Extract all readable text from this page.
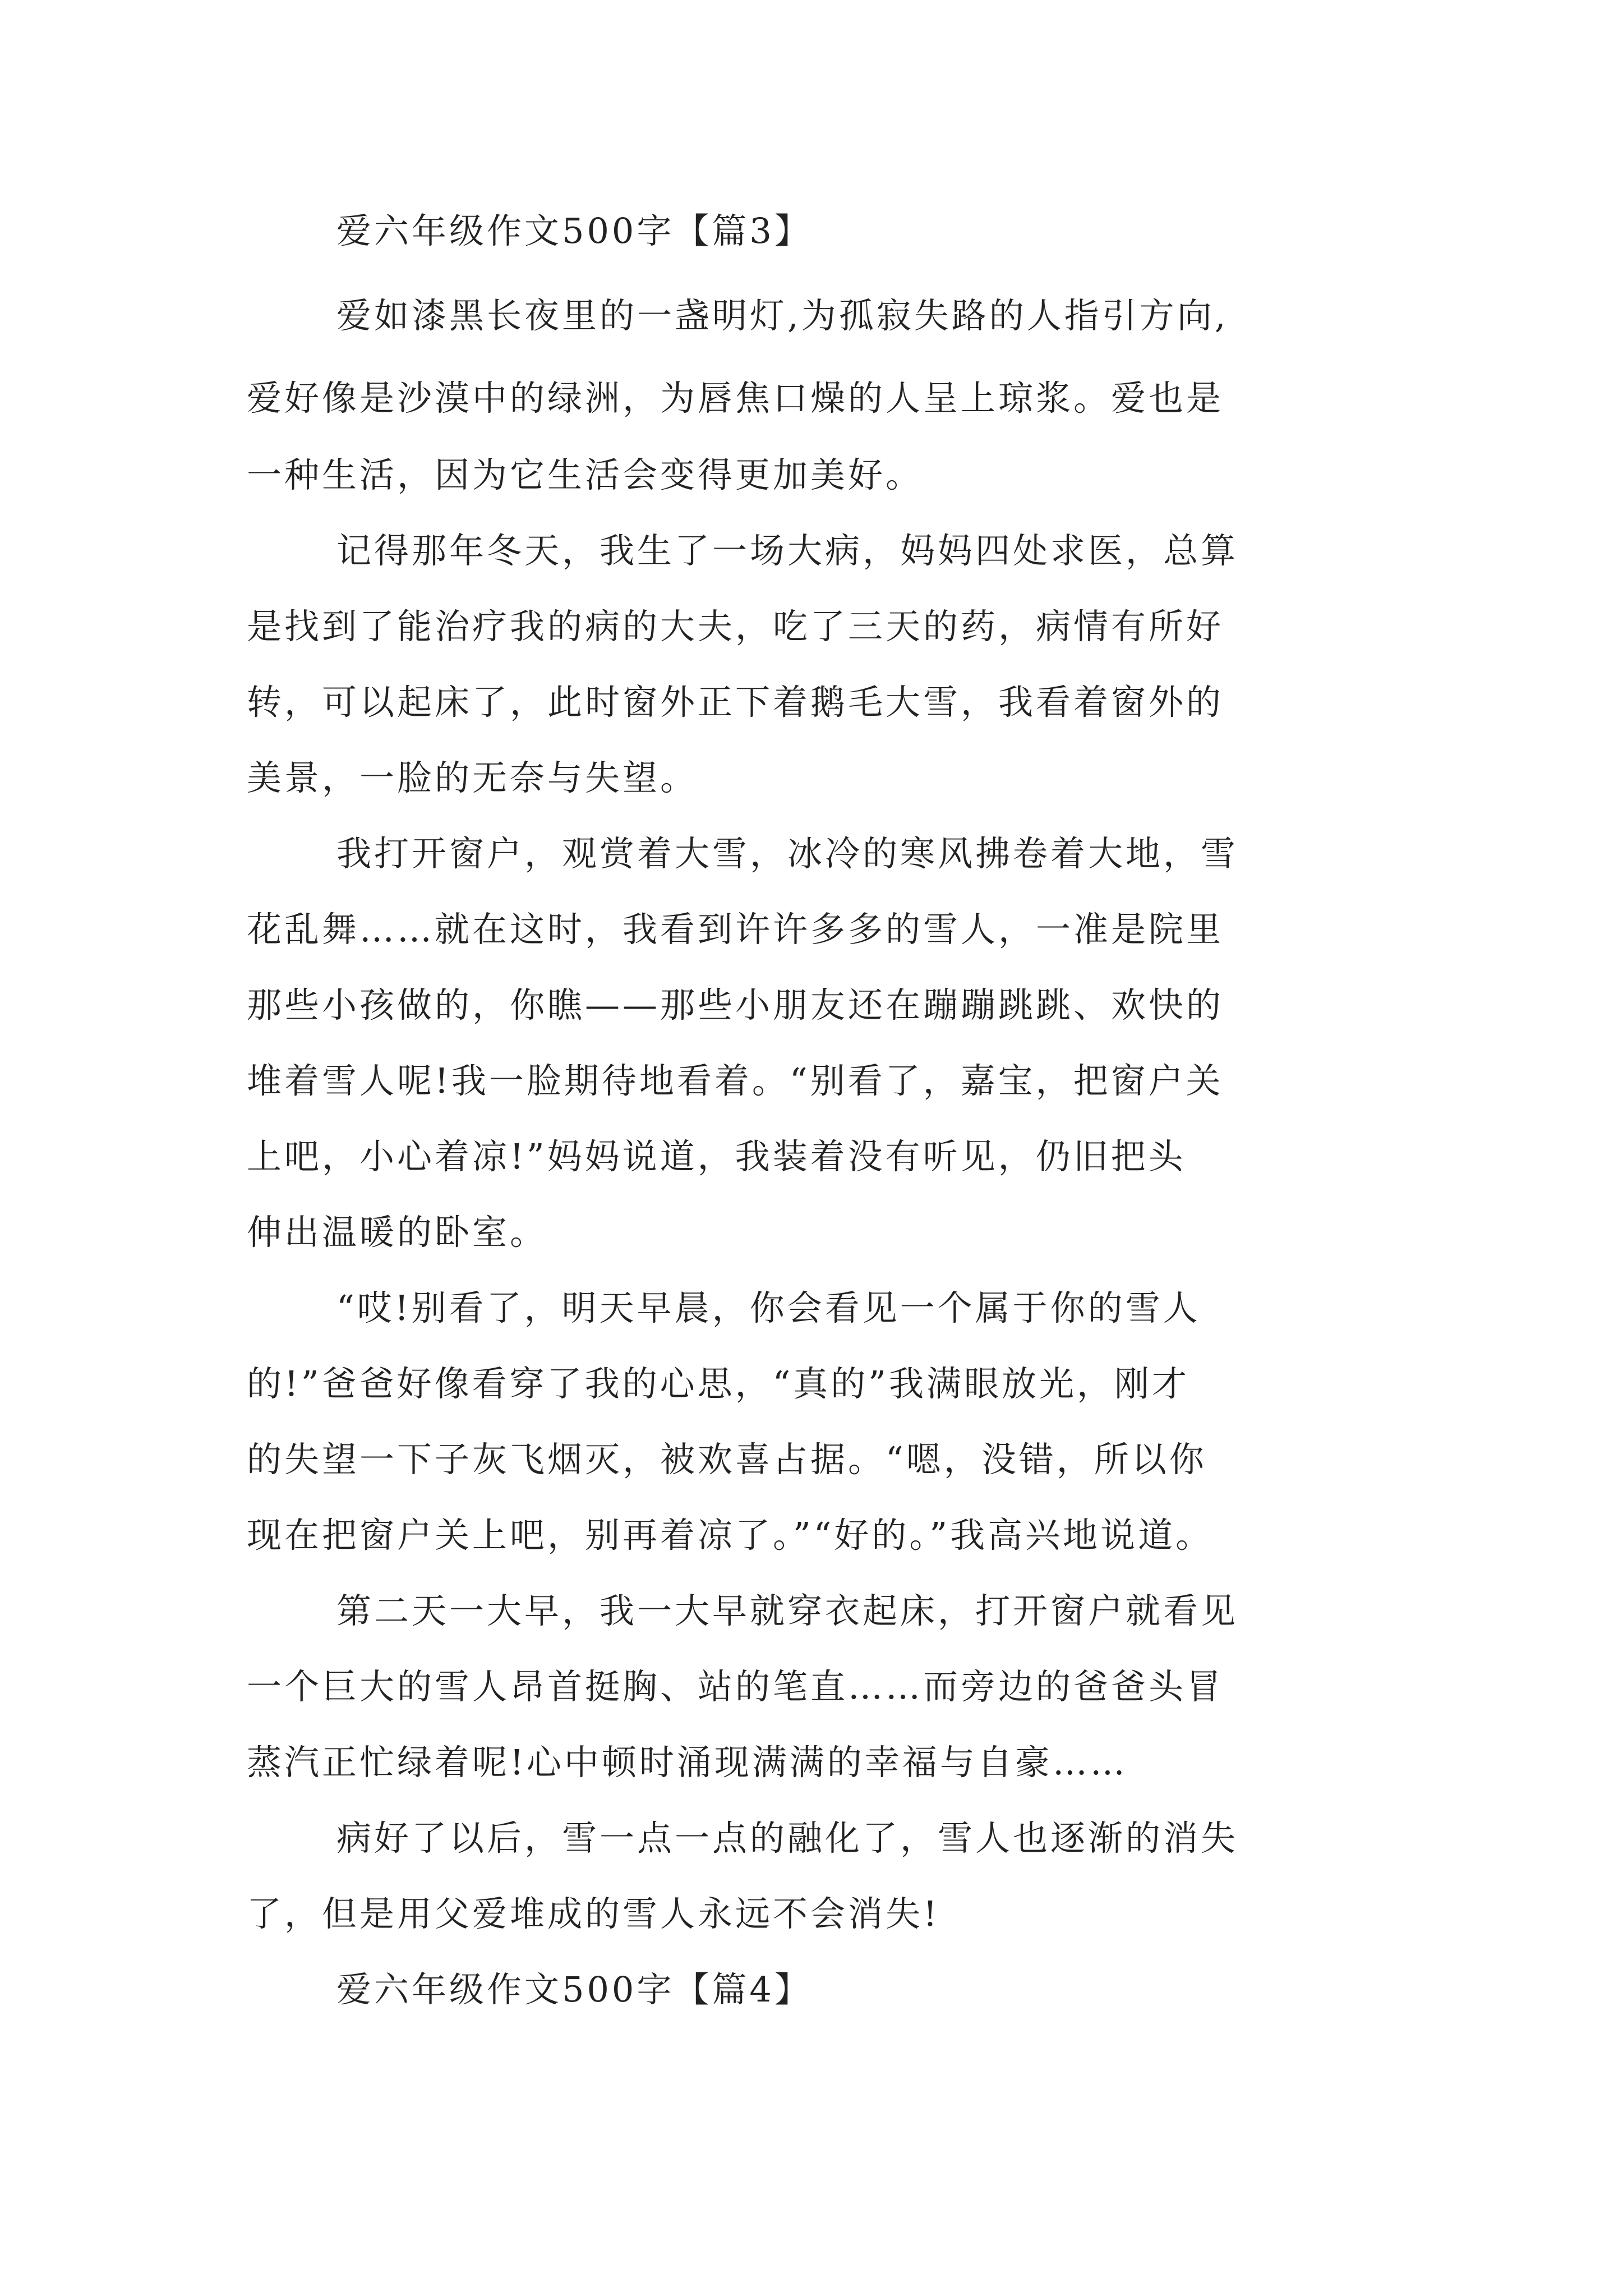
爱六年级作文500字【篇3】
爱如漆黑长夜里的一盏明灯,为孤寂失路的人指引方向,
爱好像是沙漠中的绿洲，为唇焦口燥的人呈上琼浆。爱也是
一种生活，因为它生活会变得更加美好。
记得那年冬天，我生了一场大病，妈妈四处求医，总算
是找到了能治疗我的病的大夫，吃了三天的药，病情有所好
转，可以起床了，此时窗外正下着鹅毛大雪，我看着窗外的
美景，一脸的无奈与失望。
我打开窗户，观赏着大雪，冰冷的寒风拂卷着大地，雪
花乱舞……就在这时，我看到许许多多的雪人，一准是院里
那些小孩做的，你瞧——那些小朋友还在蹦蹦跳跳、欢快的
堆着雪人呢!我一脸期待地看着。“别看了，嘉宝，把窗户关
上吧，小心着凉!”妈妈说道，我装着没有听见，仍旧把头
伸出温暖的卧室。
“哎!别看了，明天早晨，你会看见一个属于你的雪人
的!”爸爸好像看穿了我的心思，“真的”我满眼放光，刚才
的失望一下子灰飞烟灭，被欢喜占据。“嗯，没错，所以你
现在把窗户关上吧，别再着凉了。”“好的。”我高兴地说道。
第二天一大早，我一大早就穿衣起床，打开窗户就看见
一个巨大的雪人昂首挺胸、站的笔直……而旁边的爸爸头冒
蒸汽正忙绿着呢!心中顿时涌现满满的幸福与自豪……
病好了以后，雪一点一点的融化了，雪人也逐渐的消失
了，但是用父爱堆成的雪人永远不会消失!
爱六年级作文500字【篇4】
